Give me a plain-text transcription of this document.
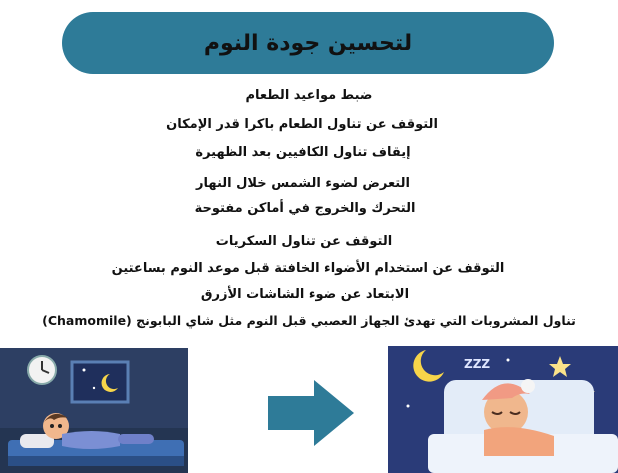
لتحسين جودة النوم
ضبط مواعيد الطعام
التوقف عن تناول الطعام باكرا قدر الإمكان
إيقاف تناول الكافيين بعد الظهيرة
التعرض لضوء الشمس خلال النهار
التحرك والخروج في أماكن مفتوحة
التوقف عن تناول السكريات
التوقف عن استخدام الأضواء الخافتة قبل موعد النوم بساعتين
الابتعاد عن ضوء الشاشات الأزرق
تناول المشروبات التي تهدئ الجهاز العصبي قبل النوم مثل شاي البابونج (Chamomile)
ZZZ
